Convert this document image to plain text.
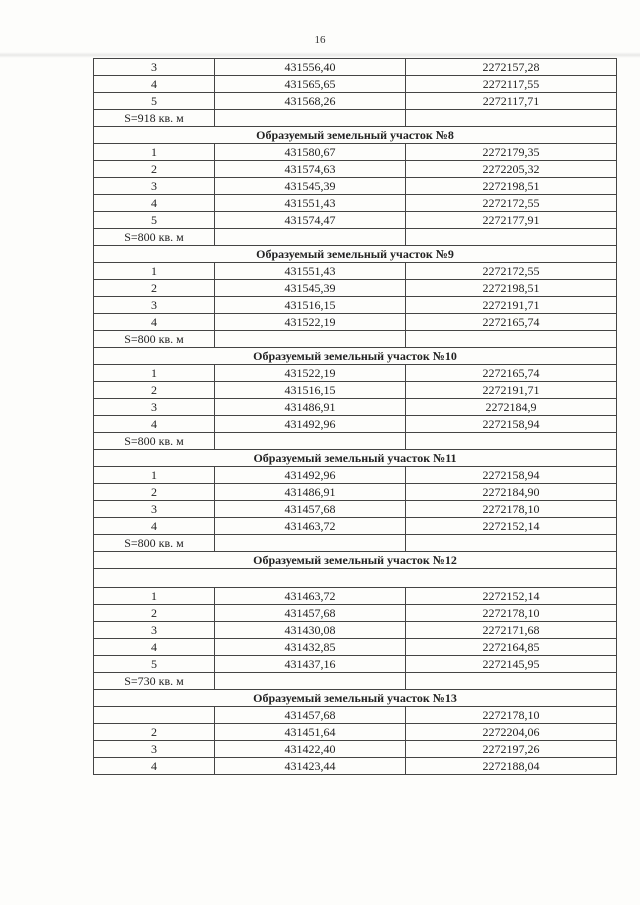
16
3	431556,40	2272157,28
4	431565,65	2272117,55
5	431568,26	2272117,71
S=918 кв. м		
Образуемый земельный участок №8		
1	431580,67	2272179,35
2	431574,63	2272205,32
3	431545,39	2272198,51
4	431551,43	2272172,55
5	431574,47	2272177,91
S=800 кв. м		
Образуемый земельный участок №9		
1	431551,43	2272172,55
2	431545,39	2272198,51
3	431516,15	2272191,71
4	431522,19	2272165,74
S=800 кв. м		
Образуемый земельный участок №10		
1	431522,19	2272165,74
2	431516,15	2272191,71
3	431486,91	2272184,9
4	431492,96	2272158,94
S=800 кв. м		
Образуемый земельный участок №11		
1	431492,96	2272158,94
2	431486,91	2272184,90
3	431457,68	2272178,10
4	431463,72	2272152,14
S=800 кв. м		
Образуемый земельный участок №12		

1	431463,72	2272152,14
2	431457,68	2272178,10
3	431430,08	2272171,68
4	431432,85	2272164,85
5	431437,16	2272145,95
S=730 кв. м		
Образуемый земельный участок №13		
	431457,68	2272178,10
2	431451,64	2272204,06
3	431422,40	2272197,26
4	431423,44	2272188,04
